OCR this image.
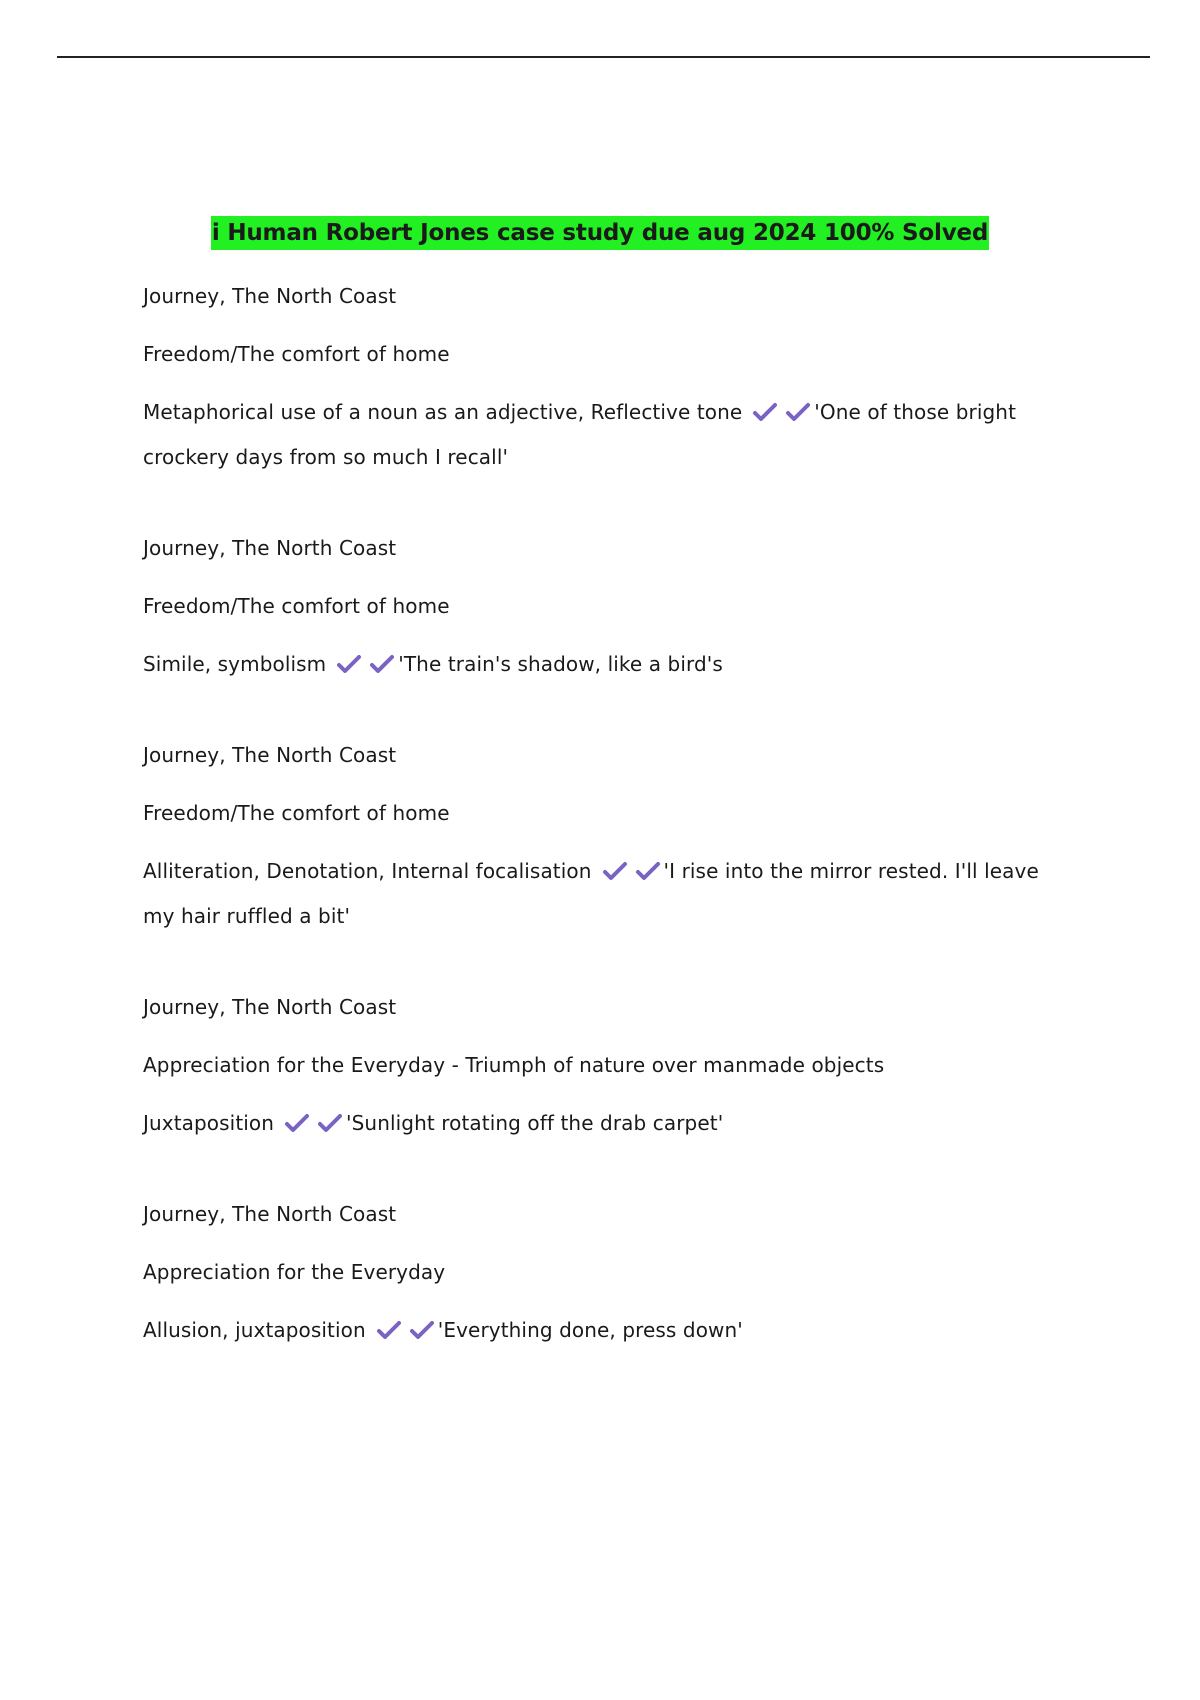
i Human Robert Jones case study due aug 2024 100% Solved

Journey, The North Coast

Freedom/The comfort of home

Metaphorical use of a noun as an adjective, Reflective tone	'One of those bright crockery days from so much I recall'

Journey, The North Coast

Freedom/The comfort of home

Simile, symbolism	'The train's shadow, like a bird's

Journey, The North Coast

Freedom/The comfort of home

Alliteration, Denotation, Internal focalisation	'I rise into the mirror rested. I'll leave my hair ruffled a bit'

Journey, The North Coast

Appreciation for the Everyday - Triumph of nature over manmade objects

Juxtaposition	'Sunlight rotating off the drab carpet'

Journey, The North Coast

Appreciation for the Everyday

Allusion, juxtaposition	'Everything done, press down'
